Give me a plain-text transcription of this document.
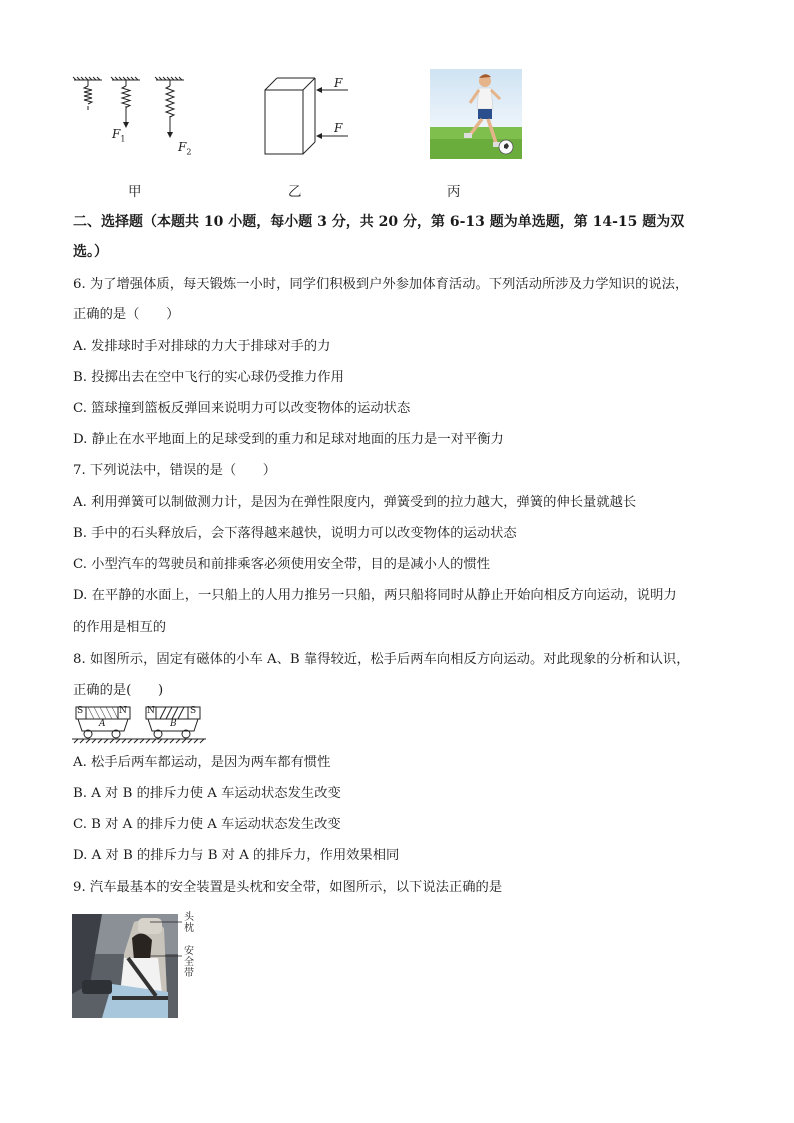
$F_1$
$F_2$
F
F
甲	乙	丙
二、选择题（本题共 10 小题，每小题 3 分，共 20 分，第 6-13 题为单选题，第 14-15 题为双
选。）
6. 为了增强体质，每天锻炼一小时，同学们积极到户外参加体育活动。下列活动所涉及力学知识的说法，
正确的是（　　）
A. 发排球时手对排球的力大于排球对手的力
B. 投掷出去在空中飞行的实心球仍受推力作用
C. 篮球撞到篮板反弹回来说明力可以改变物体的运动状态
D. 静止在水平地面上的足球受到的重力和足球对地面的压力是一对平衡力
7. 下列说法中，错误的是（　　）
A. 利用弹簧可以制做测力计，是因为在弹性限度内，弹簧受到的拉力越大，弹簧的伸长量就越长
B. 手中的石头释放后，会下落得越来越快，说明力可以改变物体的运动状态
C. 小型汽车的驾驶员和前排乘客必须使用安全带，目的是减小人的惯性
D. 在平静的水面上，一只船上的人用力推另一只船，两只船将同时从静止开始向相反方向运动，说明力
的作用是相互的
8. 如图所示，固定有磁体的小车 A、B 靠得较近，松手后两车向相反方向运动。对此现象的分析和认识，
正确的是(　　)
S	N
A
N
B
S
A. 松手后两车都运动，是因为两车都有惯性
B. A 对 B 的排斥力使 A 车运动状态发生改变
C. B 对 A 的排斥力使 A 车运动状态发生改变
D. A 对 B 的排斥力与 B 对 A 的排斥力，作用效果相同
9. 汽车最基本的安全装置是头枕和安全带，如图所示，以下说法正确的是
头
枕
安
全
带
